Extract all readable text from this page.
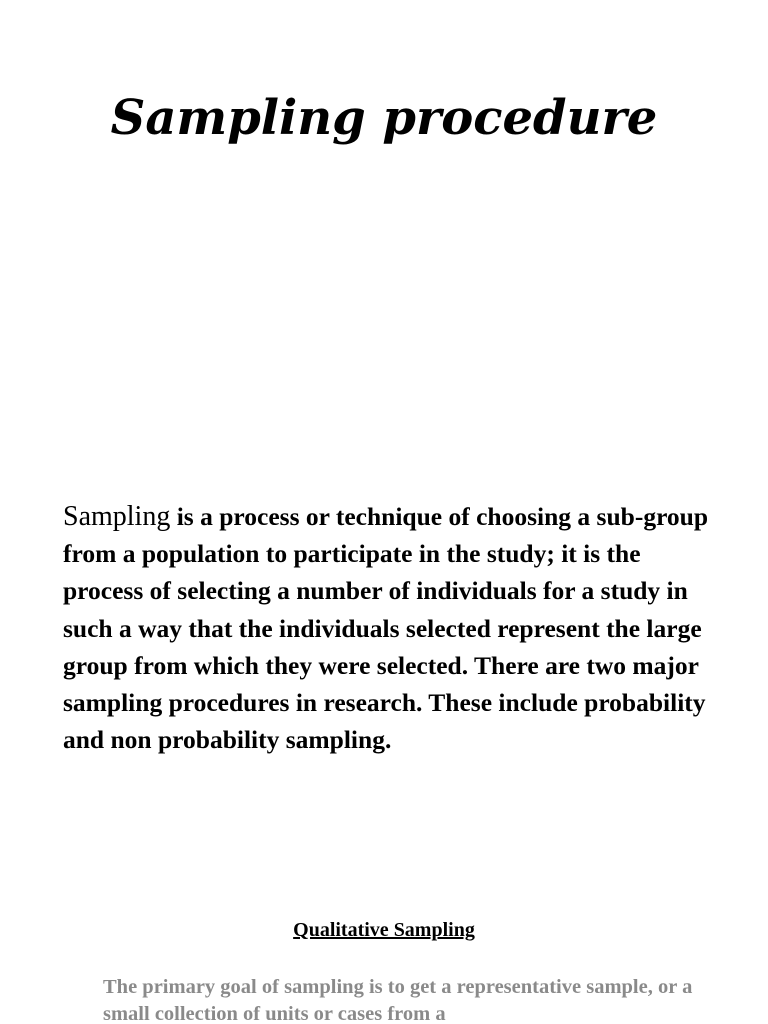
Sampling procedure

Sampling is a process or technique of choosing a sub-group from a population to participate in the study; it is the process of selecting a number of individuals for a study in such a way that the individuals selected represent the large group from which they were selected. There are two major sampling procedures in research. These include probability and non probability sampling.

Qualitative Sampling

The primary goal of sampling is to get a representative sample, or a small collection of units or cases from a
